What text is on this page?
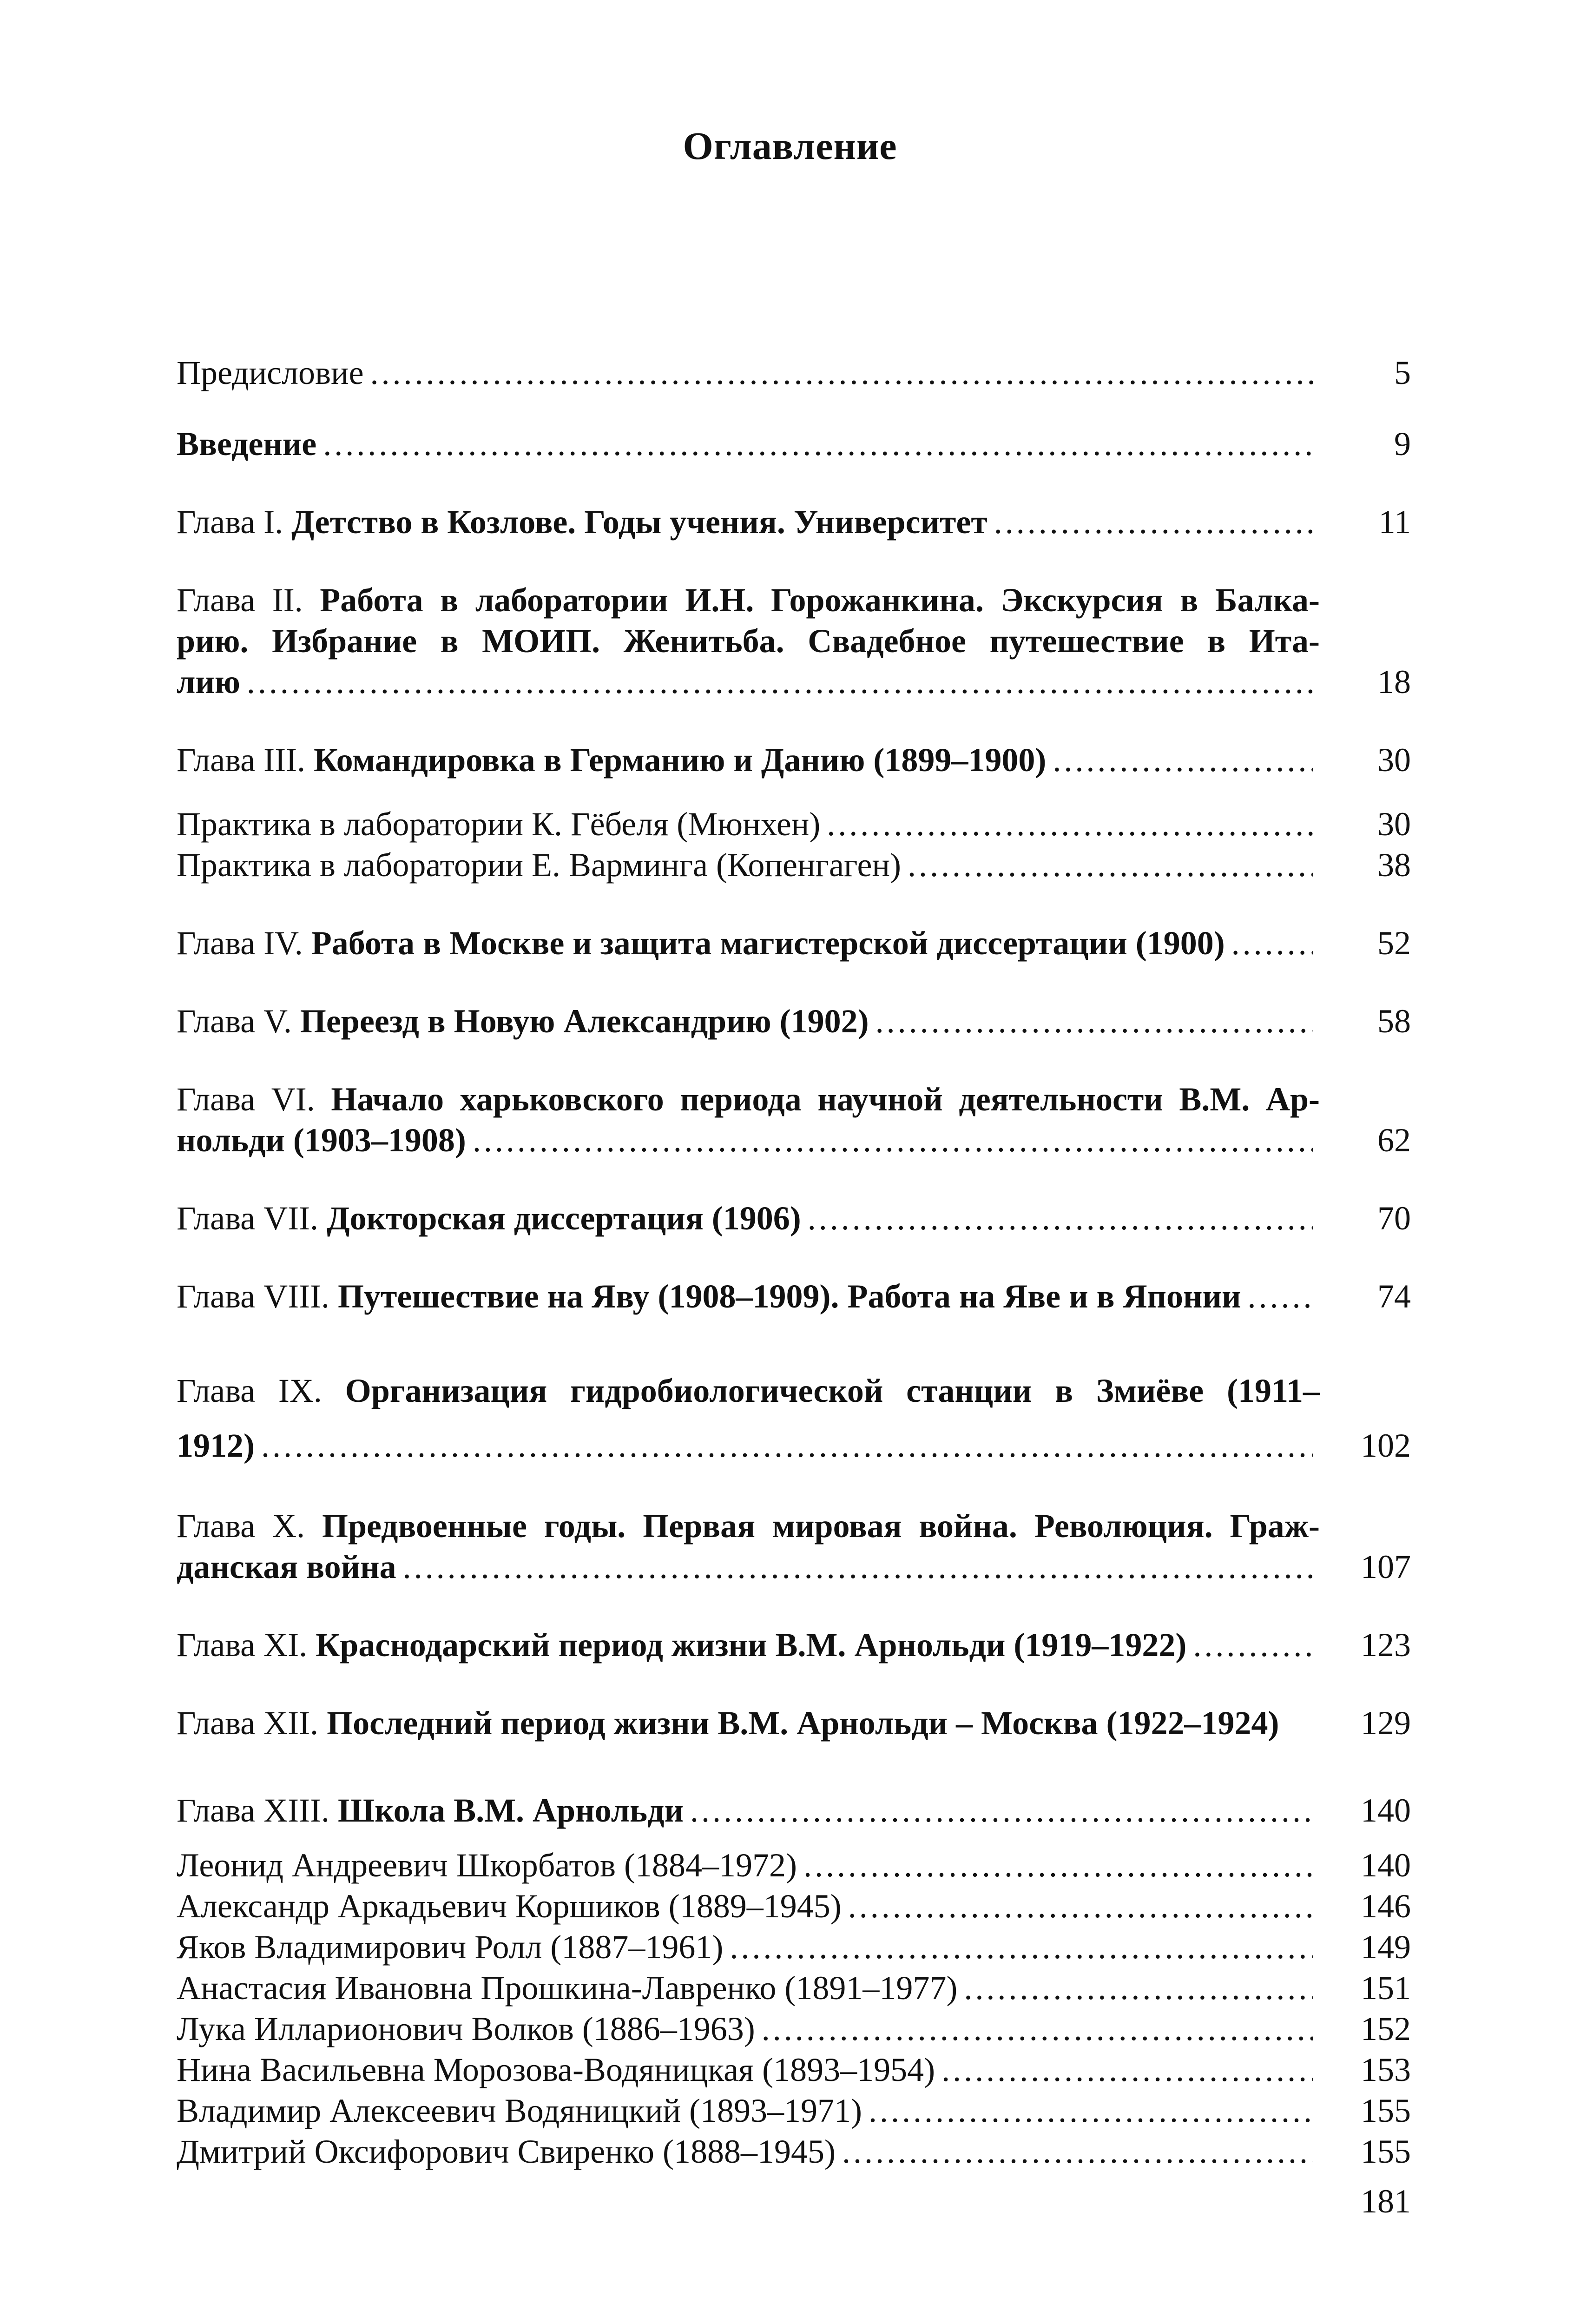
Оглавление
Предисловие . . .	5
Введение . . .	9
Глава I. Детство в Козлове. Годы учения. Университет . . .	11
Глава II. Работа в лаборатории И.Н. Горожанкина. Экскурсия в Балка-
рию. Избрание в МОИП. Женитьба. Свадебное путешествие в Ита-
лию . . .	18
Глава III. Командировка в Германию и Данию (1899–1900) . . .	30
Практика в лаборатории К. Гёбеля (Мюнхен) . . .	30
Практика в лаборатории Е. Варминга (Копенгаген) . . .	38
Глава IV. Работа в Москве и защита магистерской диссертации (1900) . . .	52
Глава V. Переезд в Новую Александрию (1902) . . .	58
Глава VI. Начало харьковского периода научной деятельности В.М. Ар-
нольди (1903–1908) . . .	62
Глава VII. Докторская диссертация (1906) . . .	70
Глава VIII. Путешествие на Яву (1908–1909). Работа на Яве и в Японии . . .	74
Глава IX. Организация гидробиологической станции в Змиёве (1911–
1912) . . .	102
Глава X. Предвоенные годы. Первая мировая война. Революция. Граж-
данская война . . .	107
Глава XI. Краснодарский период жизни В.М. Арнольди (1919–1922) . . .	123
Глава XII. Последний период жизни В.М. Арнольди – Москва (1922–1924)	129
Глава XIII. Школа В.М. Арнольди . . .	140
Леонид Андреевич Шкорбатов (1884–1972) . . .	140
Александр Аркадьевич Коршиков (1889–1945) . . .	146
Яков Владимирович Ролл (1887–1961) . . .	149
Анастасия Ивановна Прошкина-Лавренко (1891–1977) . . .	151
Лука Илларионович Волков (1886–1963) . . .	152
Нина Васильевна Морозова-Водяницкая (1893–1954) . . .	153
Владимир Алексеевич Водяницкий (1893–1971) . . .	155
Дмитрий Оксифорович Свиренко (1888–1945) . . .	155
181
